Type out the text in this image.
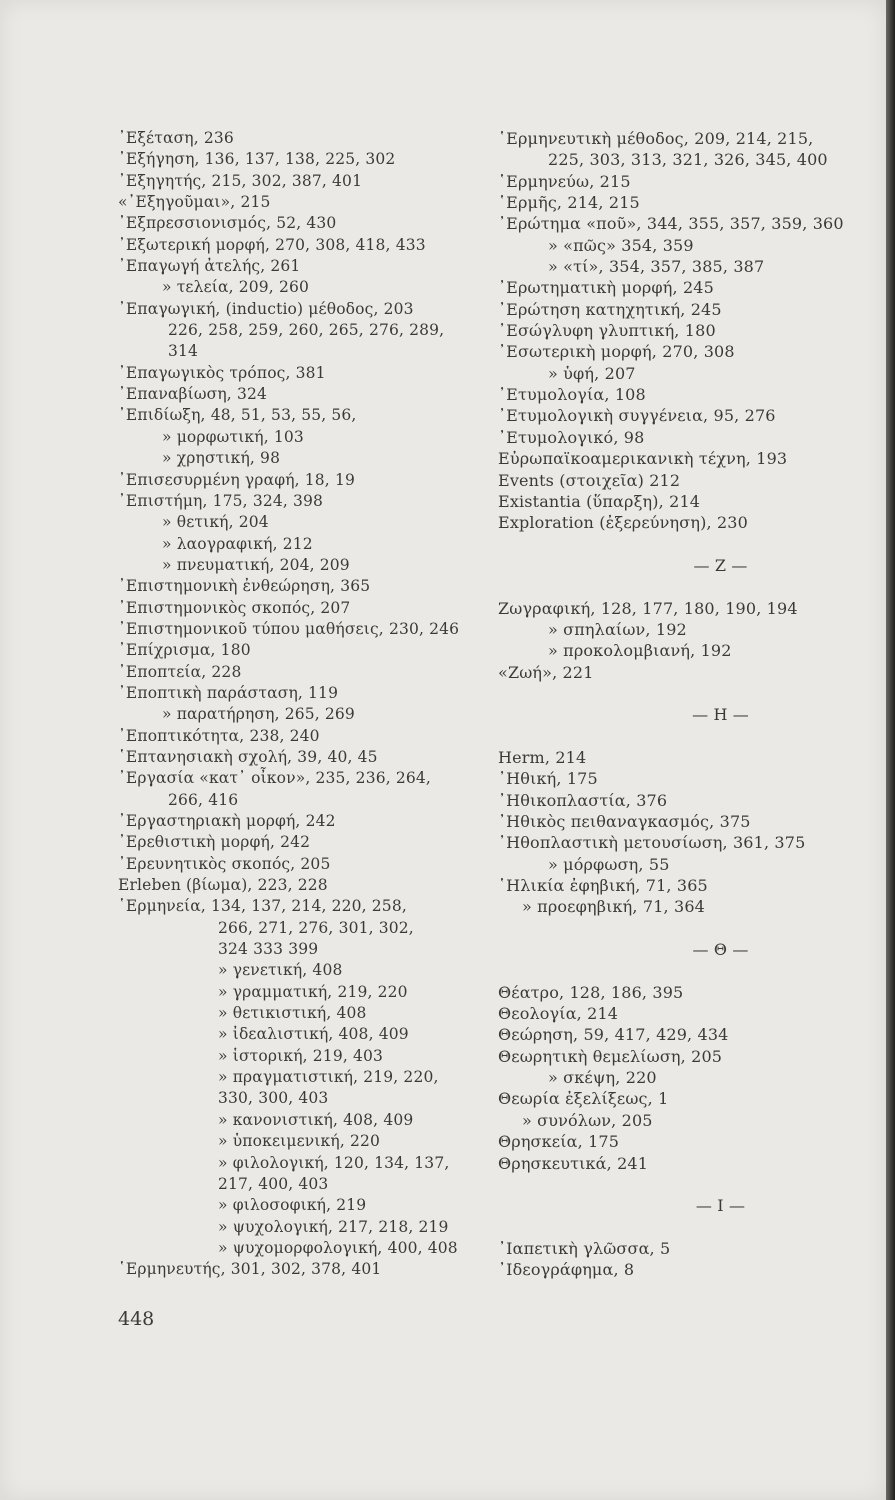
᾿Εξέταση, 236
᾿Εξήγηση, 136, 137, 138, 225, 302
᾿Εξηγητής, 215, 302, 387, 401
«᾿Εξηγοῦμαι», 215
᾿Εξπρεσσιονισμός, 52, 430
᾿Εξωτερική μορφή, 270, 308, 418, 433
᾿Επαγωγή ἀτελής, 261
» τελεία, 209, 260
᾿Επαγωγική, (inductio) μέθοδος, 203
226, 258, 259, 260, 265, 276, 289,
314
᾿Επαγωγικὸς τρόπος, 381
᾿Επαναβίωση, 324
᾿Επιδίωξη, 48, 51, 53, 55, 56,
» μορφωτική, 103
» χρηστική, 98
᾿Επισεσυρμένη γραφή, 18, 19
᾿Επιστήμη, 175, 324, 398
» θετική, 204
» λαογραφική, 212
» πνευματική, 204, 209
᾿Επιστημονικὴ ἐνθεώρηση, 365
᾿Επιστημονικὸς σκοπός, 207
᾿Επιστημονικοῦ τύπου μαθήσεις, 230, 246
᾿Επίχρισμα, 180
᾿Εποπτεία, 228
᾿Εποπτικὴ παράσταση, 119
» παρατήρηση, 265, 269
᾿Εποπτικότητα, 238, 240
῾Επτανησιακὴ σχολή, 39, 40, 45
᾿Εργασία «κατ᾿ οἶκον», 235, 236, 264,
266, 416
᾿Εργαστηριακὴ μορφή, 242
᾿Ερεθιστικὴ μορφή, 242
᾿Ερευνητικὸς σκοπός, 205
Erleben (βίωμα), 223, 228
῾Ερμηνεία, 134, 137, 214, 220, 258,
266, 271, 276, 301, 302,
324 333 399
» γενετική, 408
» γραμματική, 219, 220
» θετικιστική, 408
» ἰδεαλιστική, 408, 409
» ἱστορική, 219, 403
» πραγματιστική, 219, 220,
330, 300, 403
» κανονιστική, 408, 409
» ὑποκειμενική, 220
» φιλολογική, 120, 134, 137,
217, 400, 403
» φιλοσοφική, 219
» ψυχολογική, 217, 218, 219
» ψυχομορφολογική, 400, 408
῾Ερμηνευτής, 301, 302, 378, 401
῾Ερμηνευτικὴ μέθοδος, 209, 214, 215,
225, 303, 313, 321, 326, 345, 400
῾Ερμηνεύω, 215
῾Ερμῆς, 214, 215
᾿Ερώτημα «ποῦ», 344, 355, 357, 359, 360
» «πῶς» 354, 359
» «τί», 354, 357, 385, 387
᾿Ερωτηματικὴ μορφή, 245
᾿Ερώτηση κατηχητική, 245
᾿Εσώγλυφη γλυπτική, 180
᾿Εσωτερικὴ μορφή, 270, 308
» ὑφή, 207
᾿Ετυμολογία, 108
᾿Ετυμολογικὴ συγγένεια, 95, 276
᾿Ετυμολογικό, 98
Εὐρωπαϊκοαμερικανικὴ τέχνη, 193
Events (στοιχεῖα) 212
Existantia (ὕπαρξη), 214
Exploration (ἐξερεύνηση), 230
— Ζ —
Ζωγραφική, 128, 177, 180, 190, 194
» σπηλαίων, 192
» προκολομβιανή, 192
«Ζωή», 221
— Η —
Herm, 214
᾿Ηθική, 175
᾿Ηθικοπλαστία, 376
᾿Ηθικὸς πειθαναγκασμός, 375
᾿Ηθοπλαστικὴ μετουσίωση, 361, 375
» μόρφωση, 55
῾Ηλικία ἐφηβική, 71, 365
» προεφηβική, 71, 364
— Θ —
Θέατρο, 128, 186, 395
Θεολογία, 214
Θεώρηση, 59, 417, 429, 434
Θεωρητικὴ θεμελίωση, 205
» σκέψη, 220
Θεωρία ἐξελίξεως, 1
» συνόλων, 205
Θρησκεία, 175
Θρησκευτικά, 241
— Ι —
᾿Ιαπετικὴ γλῶσσα, 5
᾿Ιδεογράφημα, 8
448
